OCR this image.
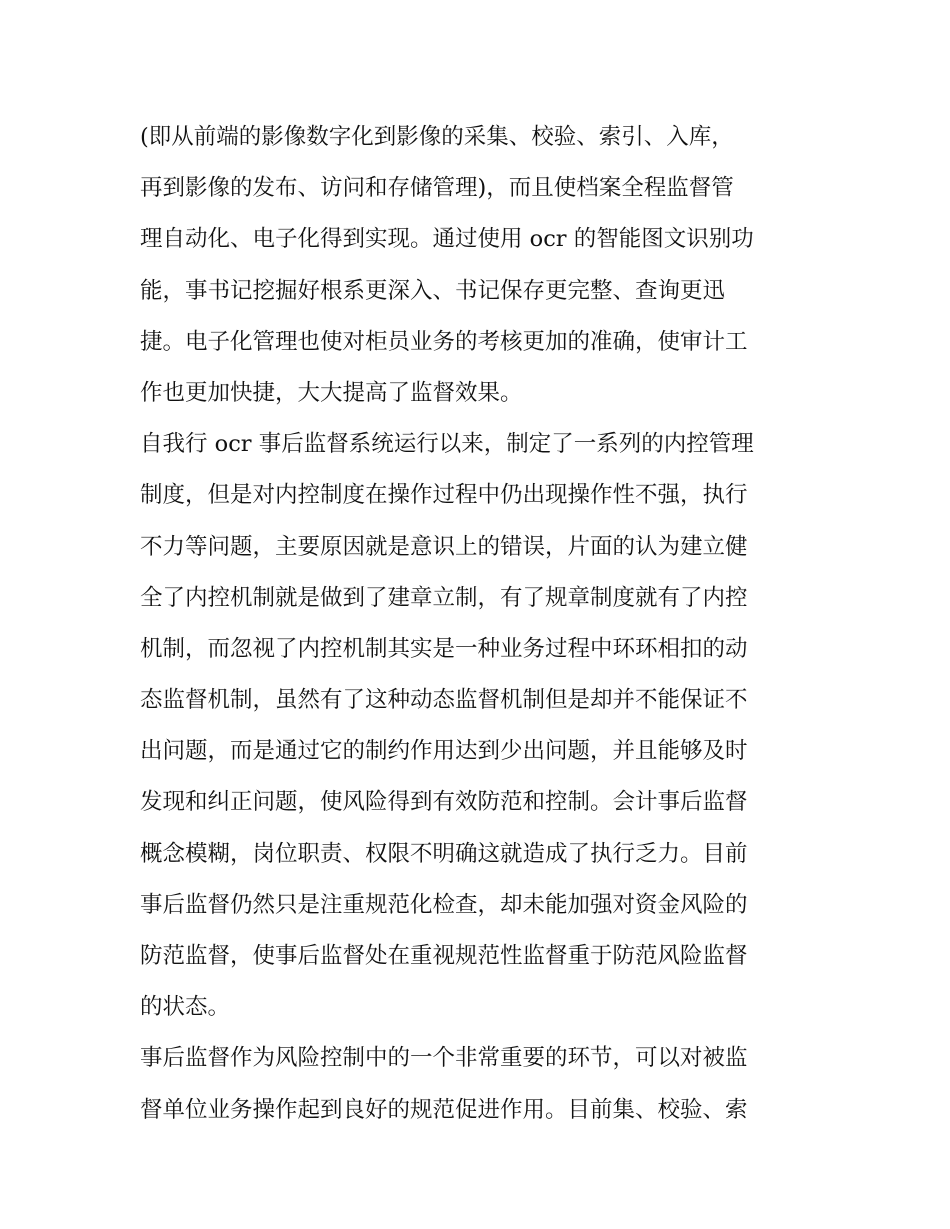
(即从前端的影像数字化到影像的采集、校验、索引、入库，
再到影像的发布、访问和存储管理)，而且使档案全程监督管
理自动化、电子化得到实现。通过使用 ocr 的智能图文识别功
能，事书记挖掘好根系更深入、书记保存更完整、查询更迅
捷。电子化管理也使对柜员业务的考核更加的准确，使审计工
作也更加快捷，大大提高了监督效果。
自我行 ocr 事后监督系统运行以来，制定了一系列的内控管理
制度，但是对内控制度在操作过程中仍出现操作性不强，执行
不力等问题，主要原因就是意识上的错误，片面的认为建立健
全了内控机制就是做到了建章立制，有了规章制度就有了内控
机制，而忽视了内控机制其实是一种业务过程中环环相扣的动
态监督机制，虽然有了这种动态监督机制但是却并不能保证不
出问题，而是通过它的制约作用达到少出问题，并且能够及时
发现和纠正问题，使风险得到有效防范和控制。会计事后监督
概念模糊，岗位职责、权限不明确这就造成了执行乏力。目前
事后监督仍然只是注重规范化检查，却未能加强对资金风险的
防范监督，使事后监督处在重视规范性监督重于防范风险监督
的状态。
事后监督作为风险控制中的一个非常重要的环节，可以对被监
督单位业务操作起到良好的规范促进作用。目前集、校验、索
